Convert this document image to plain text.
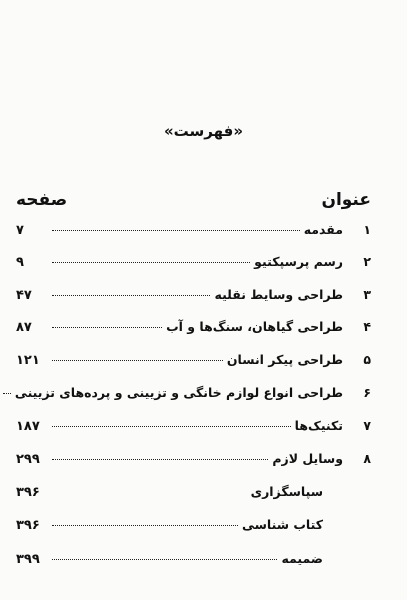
«فهرست»
عنوان
صفحه
۱
مقدمه
۷
۲
رسم پرسپکتیو
۹
۳
طراحی وسایط نقلیه
۴۷
۴
طراحی گیاهان، سنگ‌ها و آب
۸۷
۵
طراحی پیکر انسان
۱۲۱
۶
طراحی انواع لوازم خانگی و تزیینی و پرده‌های تزیینی
۷
تکنیک‌ها
۱۸۷
۸
وسایل لازم
۲۹۹
سپاسگزاری
۳۹۶
کتاب شناسی
۳۹۶
ضمیمه
۳۹۹
